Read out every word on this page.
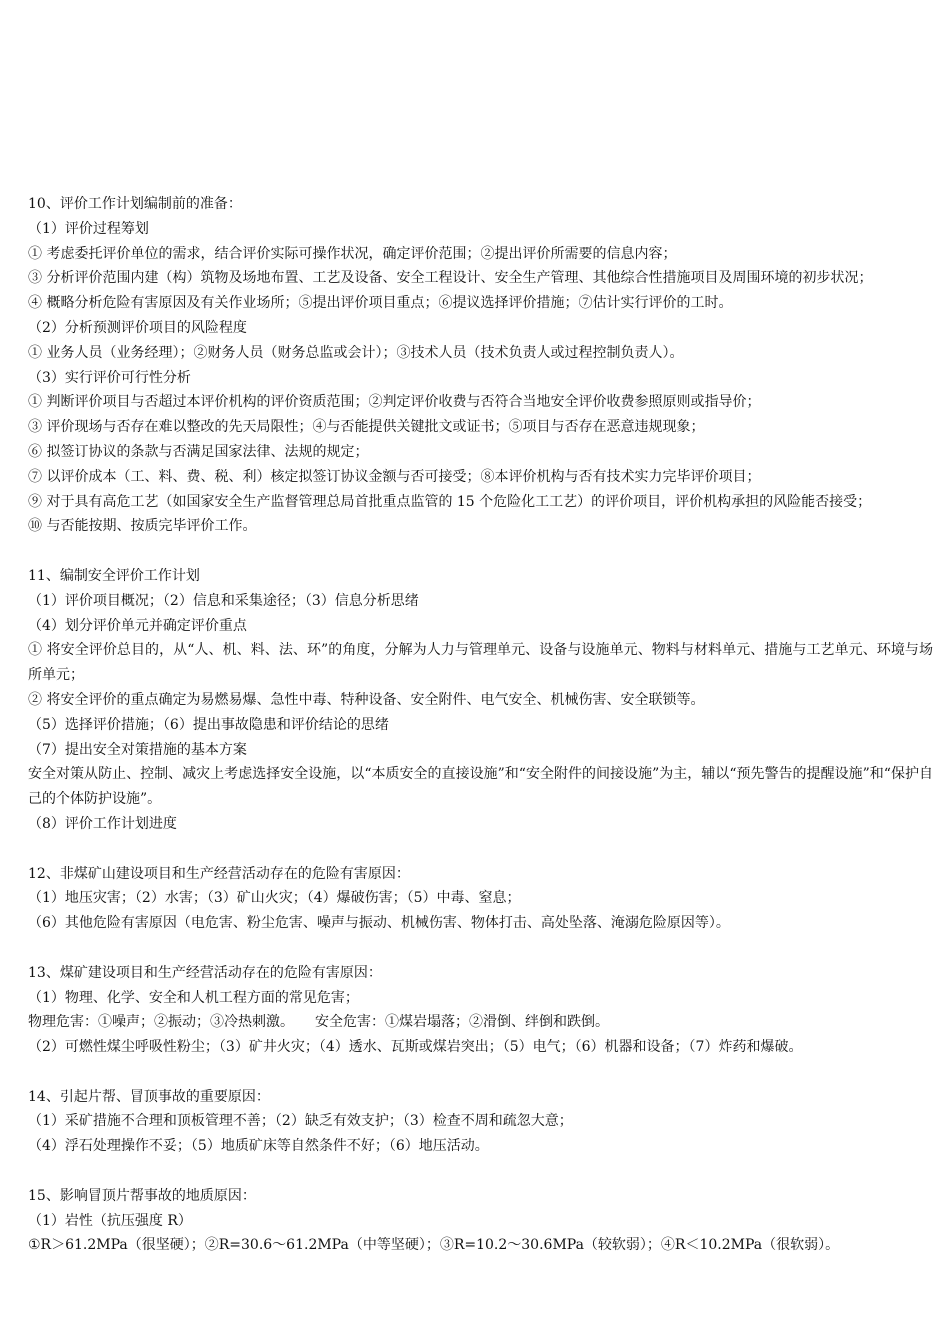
10、评价工作计划编制前的准备：
（1）评价过程筹划
① 考虑委托评价单位的需求，结合评价实际可操作状况，确定评价范围；②提出评价所需要的信息内容；
③ 分析评价范围内建（构）筑物及场地布置、工艺及设备、安全工程设计、安全生产管理、其他综合性措施项目及周围环境的初步状况；
④ 概略分析危险有害原因及有关作业场所；⑤提出评价项目重点；⑥提议选择评价措施；⑦估计实行评价的工时。
（2）分析预测评价项目的风险程度
① 业务人员（业务经理）；②财务人员（财务总监或会计）；③技术人员（技术负责人或过程控制负责人）。
（3）实行评价可行性分析
① 判断评价项目与否超过本评价机构的评价资质范围；②判定评价收费与否符合当地安全评价收费参照原则或指导价；
③ 评价现场与否存在难以整改的先天局限性；④与否能提供关键批文或证书；⑤项目与否存在恶意违规现象；
⑥ 拟签订协议的条款与否满足国家法律、法规的规定；
⑦ 以评价成本（工、料、费、税、利）核定拟签订协议金额与否可接受；⑧本评价机构与否有技术实力完毕评价项目；
⑨ 对于具有高危工艺（如国家安全生产监督管理总局首批重点监管的 15 个危险化工工艺）的评价项目，评价机构承担的风险能否接受；
⑩ 与否能按期、按质完毕评价工作。
11、编制安全评价工作计划
（1）评价项目概况；（2）信息和采集途径；（3）信息分析思绪
（4）划分评价单元并确定评价重点
① 将安全评价总目的，从“人、机、料、法、环”的角度，分解为人力与管理单元、设备与设施单元、物料与材料单元、措施与工艺单元、环境与场所单元；
② 将安全评价的重点确定为易燃易爆、急性中毒、特种设备、安全附件、电气安全、机械伤害、安全联锁等。
（5）选择评价措施；（6）提出事故隐患和评价结论的思绪
（7）提出安全对策措施的基本方案
安全对策从防止、控制、减灾上考虑选择安全设施，以“本质安全的直接设施”和“安全附件的间接设施”为主，辅以“预先警告的提醒设施”和“保护自己的个体防护设施”。
（8）评价工作计划进度
12、非煤矿山建设项目和生产经营活动存在的危险有害原因：
（1）地压灾害；（2）水害；（3）矿山火灾；（4）爆破伤害；（5）中毒、窒息；
（6）其他危险有害原因（电危害、粉尘危害、噪声与振动、机械伤害、物体打击、高处坠落、淹溺危险原因等）。
13、煤矿建设项目和生产经营活动存在的危险有害原因：
（1）物理、化学、安全和人机工程方面的常见危害；
物理危害：①噪声；②振动；③冷热刺激。　　安全危害：①煤岩塌落；②滑倒、绊倒和跌倒。
（2）可燃性煤尘呼吸性粉尘；（3）矿井火灾；（4）透水、瓦斯或煤岩突出；（5）电气；（6）机器和设备；（7）炸药和爆破。
14、引起片帮、冒顶事故的重要原因：
（1）采矿措施不合理和顶板管理不善；（2）缺乏有效支护；（3）检查不周和疏忽大意；
（4）浮石处理操作不妥；（5）地质矿床等自然条件不好；（6）地压活动。
15、影响冒顶片帮事故的地质原因：
（1）岩性（抗压强度 R）
①R＞61.2MPa（很坚硬）；②R=30.6～61.2MPa（中等坚硬）；③R=10.2～30.6MPa（较软弱）；④R＜10.2MPa（很软弱）。
